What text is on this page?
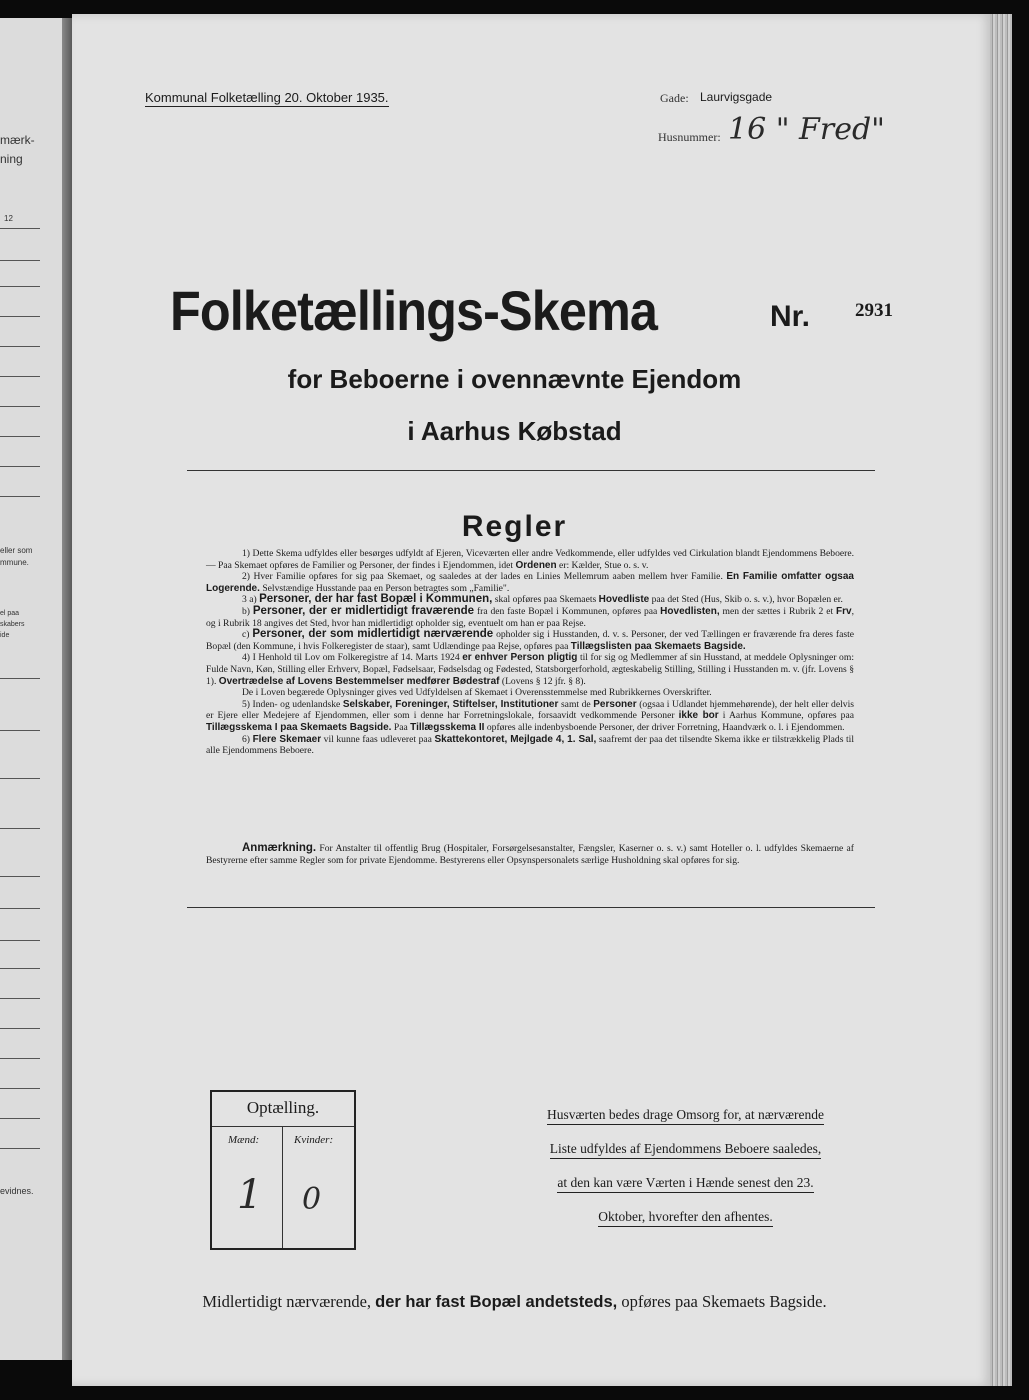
mærk-
ning
12
eller som
mmune.
el paa
skabers
ide
evidnes.
Kommunal Folketælling 20. Oktober 1935.	Gade: Laurvigsgade
Husnummer: 16 " Fred"
Folketællings-Skema	Nr. 2931
for Beboerne i ovennævnte Ejendom
i Aarhus Købstad
Regler

1) Dette Skema udfyldes eller besørges udfyldt af Ejeren, Viceværten eller andre Vedkommende, eller udfyldes ved Cirkulation blandt Ejendommens Beboere. — Paa Skemaet opføres de Familier og Personer, der findes i Ejendommen, idet Ordenen er: Kælder, Stue o. s. v.

2) Hver Familie opføres for sig paa Skemaet, og saaledes at der lades en Linies Mellemrum aaben mellem hver Familie. En Familie omfatter ogsaa Logerende. Selvstændige Husstande paa en Person betragtes som „Familie".

3 a) Personer, der har fast Bopæl i Kommunen, skal opføres paa Skemaets Hovedliste paa det Sted (Hus, Skib o. s. v.), hvor Bopælen er.

b) Personer, der er midlertidigt fraværende fra den faste Bopæl i Kommunen, opføres paa Hovedlisten, men der sættes i Rubrik 2 et Frv, og i Rubrik 18 angives det Sted, hvor han midlertidigt opholder sig, eventuelt om han er paa Rejse.

c) Personer, der som midlertidigt nærværende opholder sig i Husstanden, d. v. s. Personer, der ved Tællingen er fraværende fra deres faste Bopæl (den Kommune, i hvis Folkeregister de staar), samt Udlændinge paa Rejse, opføres paa Tillægslisten paa Skemaets Bagside.

4) I Henhold til Lov om Folkeregistre af 14. Marts 1924 er enhver Person pligtig til for sig og Medlemmer af sin Husstand, at meddele Oplysninger om: Fulde Navn, Køn, Stilling eller Erhverv, Bopæl, Fødselsaar, Fødselsdag og Fødested, Statsborgerforhold, ægteskabelig Stilling, Stilling i Husstanden m. v. (jfr. Lovens § 1). Overtrædelse af Lovens Bestemmelser medfører Bødestraf (Lovens § 12 jfr. § 8).

De i Loven begærede Oplysninger gives ved Udfyldelsen af Skemaet i Overensstemmelse med Rubrikkernes Overskrifter.

5) Inden- og udenlandske Selskaber, Foreninger, Stiftelser, Institutioner samt de Personer (ogsaa i Udlandet hjemmehørende), der helt eller delvis er Ejere eller Medejere af Ejendommen, eller som i denne har Forretningslokale, forsaavidt vedkommende Personer ikke bor i Aarhus Kommune, opføres paa Tillægsskema I paa Skemaets Bagside. Paa Tillægsskema II opføres alle indenbysboende Personer, der driver Forretning, Haandværk o. l. i Ejendommen.

6) Flere Skemaer vil kunne faas udleveret paa Skattekontoret, Mejlgade 4, 1. Sal, saafremt der paa det tilsendte Skema ikke er tilstrækkelig Plads til alle Ejendommens Beboere.

Anmærkning. For Anstalter til offentlig Brug (Hospitaler, Forsørgelsesanstalter, Fængsler, Kaserner o. s. v.) samt Hoteller o. l. udfyldes Skemaerne af Bestyrerne efter samme Regler som for private Ejendomme. Bestyrerens eller Opsynspersonalets særlige Husholdning skal opføres for sig.

Optælling.
Mænd:	Kvinder:
1 0
Husværten bedes drage Omsorg for, at nærværende
Liste udfyldes af Ejendommens Beboere saaledes,
at den kan være Værten i Hænde senest den 23.
Oktober, hvorefter den afhentes.
Midlertidigt nærværende, der har fast Bopæl andetsteds, opføres paa Skemaets Bagside.
